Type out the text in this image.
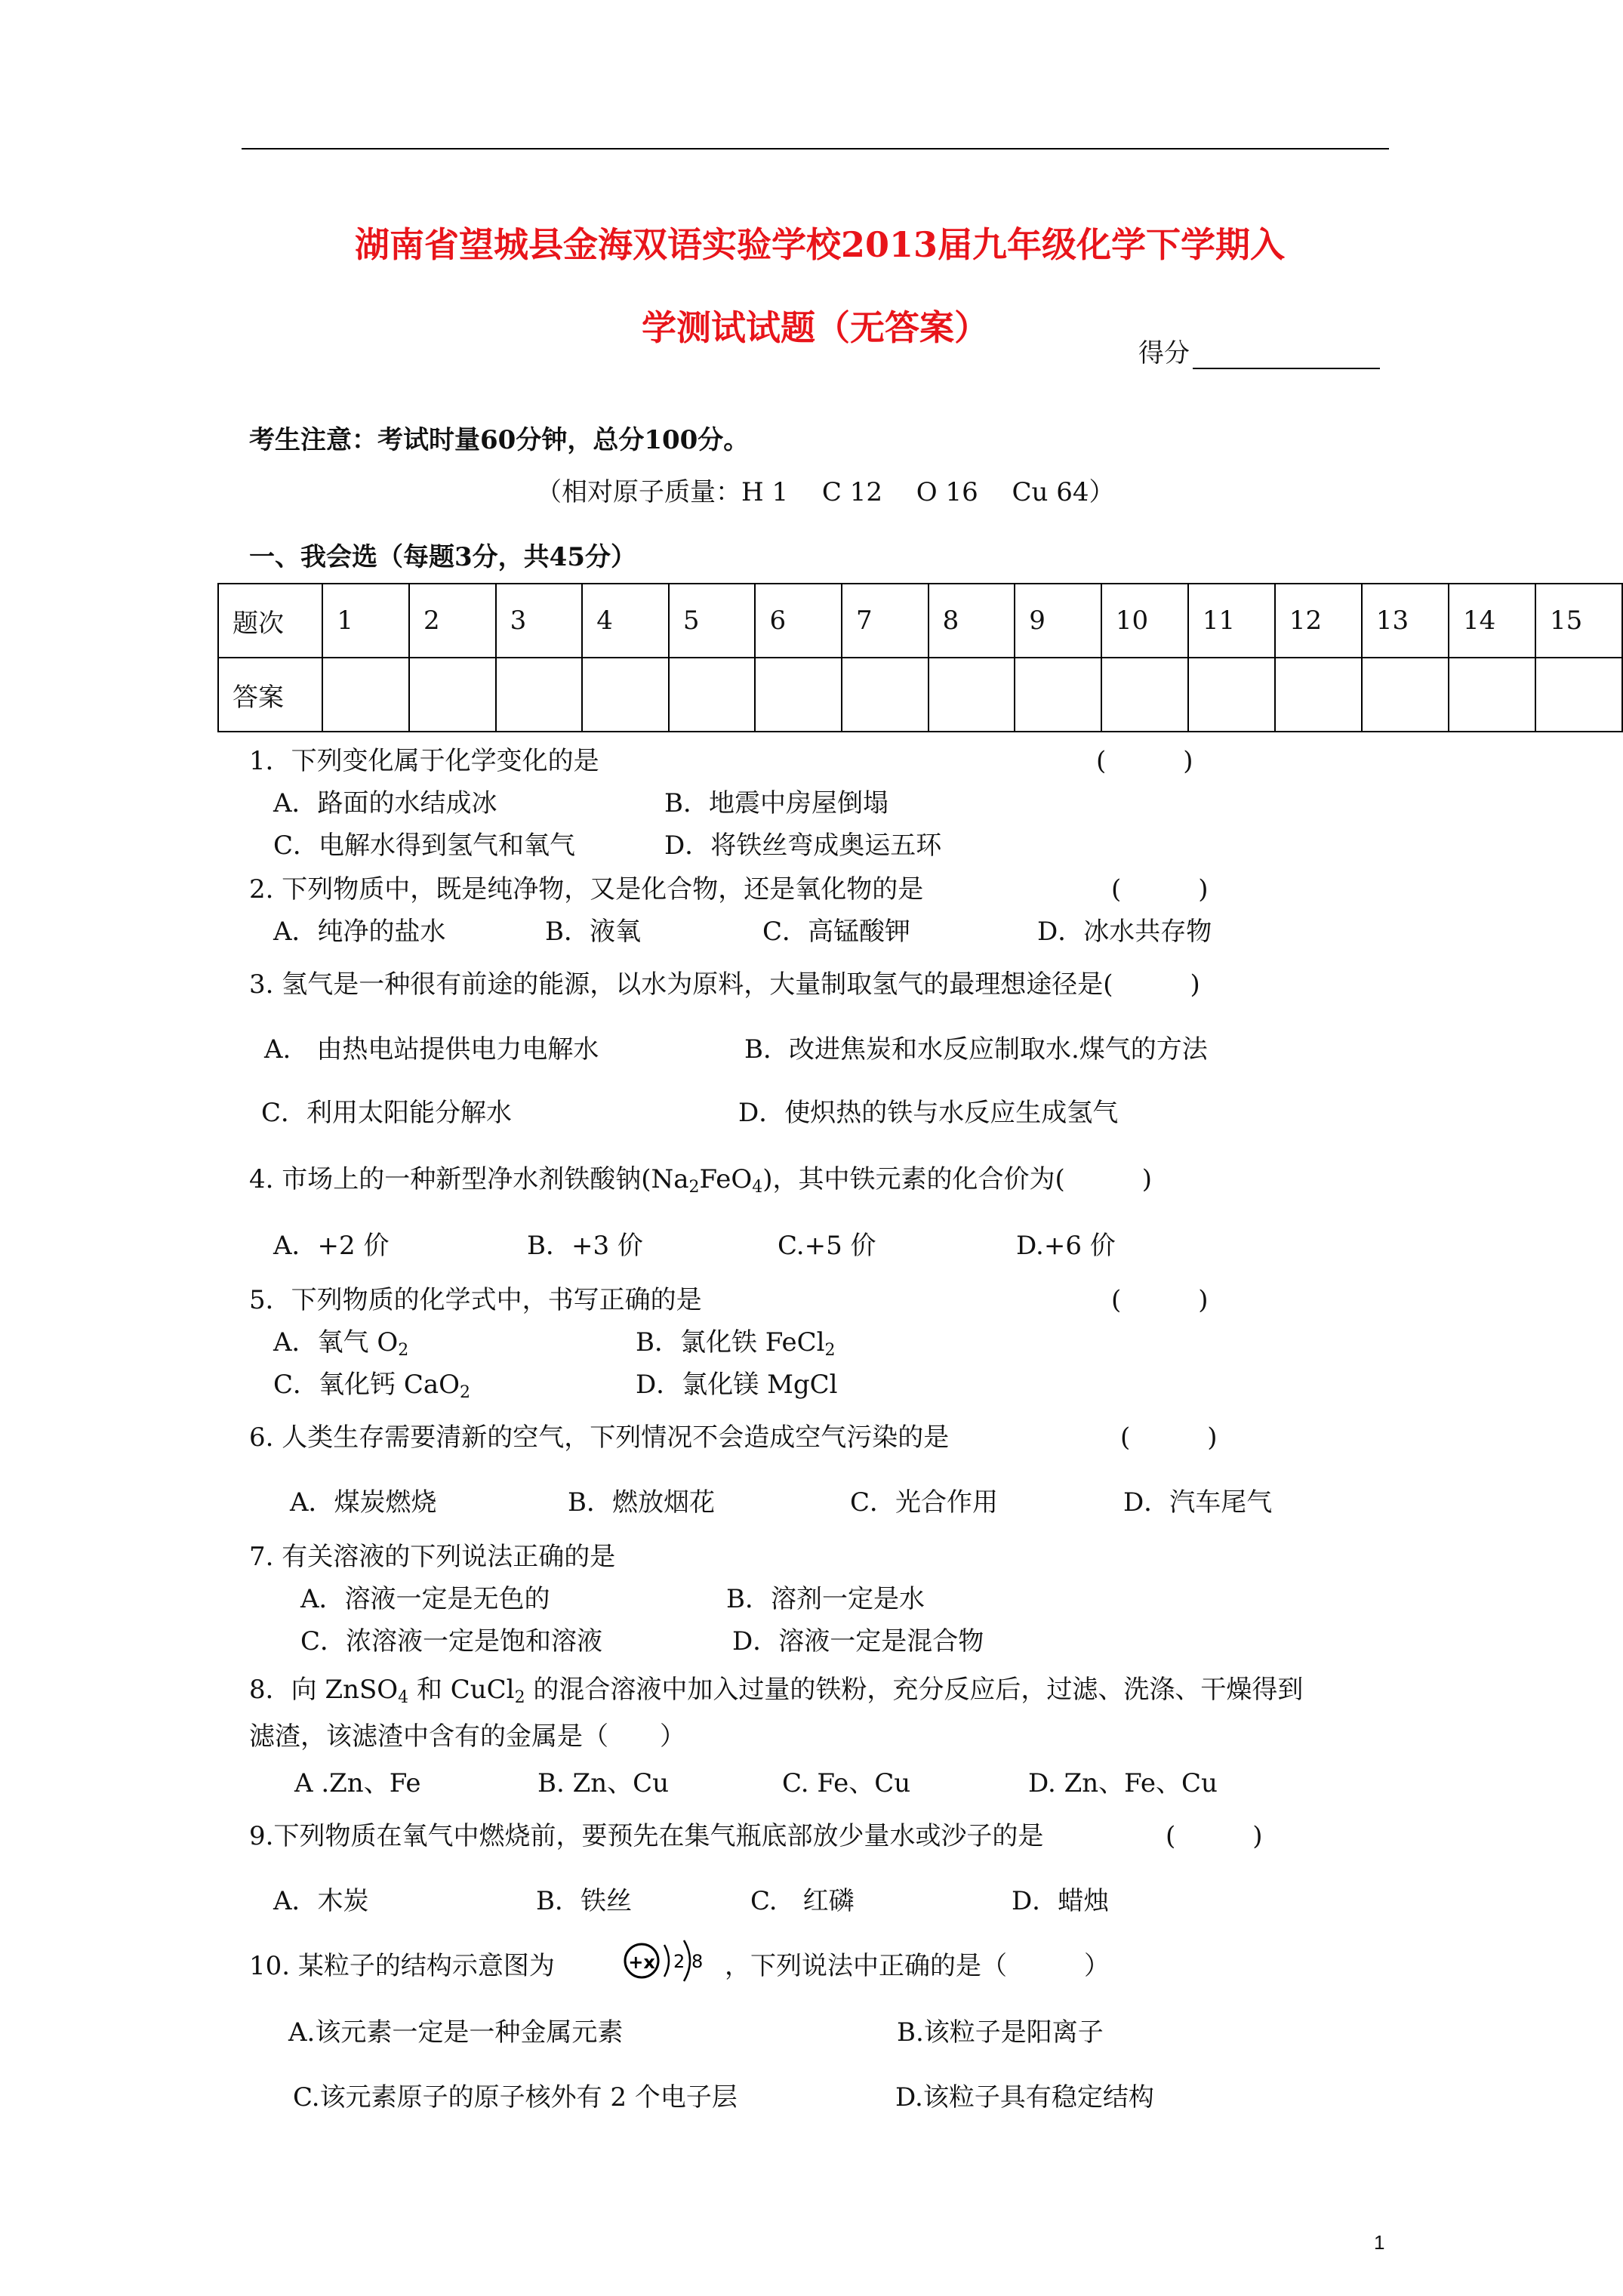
湖南省望城县金海双语实验学校2013届九年级化学下学期入
学测试试题（无答案）
得分
考生注意：考试时量60分钟，总分100分。
（相对原子质量：H 1　 C 12　 O 16　 Cu 64）
一、我会选（每题3分，共45分）
题次	1	2	3	4	5	6	7	8	9	10	11	12	13	14	15
答案															
1．下列变化属于化学变化的是	(　　　)
A．路面的水结成冰	B．地震中房屋倒塌
C．电解水得到氢气和氧气	D．将铁丝弯成奥运五环
2. 下列物质中，既是纯净物，又是化合物，还是氧化物的是	(　　　)
A．纯净的盐水	B．液氧	C．高锰酸钾	D．冰水共存物
3. 氢气是一种很有前途的能源，以水为原料，大量制取氢气的最理想途径是(　　　)
A.　由热电站提供电力电解水	B．改进焦炭和水反应制取水.煤气的方法
C．利用太阳能分解水	D．使炽热的铁与水反应生成氢气
4. 市场上的一种新型净水剂铁酸钠$(Na_2FeO_4)$，其中铁元素的化合价为(　　　)
A．+2 价	B．+3 价	C.+5 价	D.+6 价
5．下列物质的化学式中，书写正确的是	(　　　)
A．氧气 $O_2$	B．氯化铁 FeCl$_2$
C．氧化钙 CaO$_2$	D．氯化镁 MgCl
6. 人类生存需要清新的空气，下列情况不会造成空气污染的是	(　　　)
A．煤炭燃烧	B．燃放烟花	C．光合作用	D．汽车尾气
7. 有关溶液的下列说法正确的是
A．溶液一定是无色的	B．溶剂一定是水
C．浓溶液一定是饱和溶液	D．溶液一定是混合物
8．向 ZnSO$_4$ 和 CuCl$_2$ 的混合溶液中加入过量的铁粉，充分反应后，过滤、洗涤、干燥得到
滤渣，该滤渣中含有的金属是（　　）
A .Zn、Fe	B. Zn、Cu	C. Fe、Cu	D. Zn、Fe、Cu
9.下列物质在氧气中燃烧前，要预先在集气瓶底部放少量水或沙子的是	(　　　)
A．木炭	B．铁丝	C.　红磷	D．蜡烛
10. 某粒子的结构示意图为	+x 2 8 ，下列说法中正确的是（　　　）
A.该元素一定是一种金属元素	B.该粒子是阳离子
C.该元素原子的原子核外有 2 个电子层	D.该粒子具有稳定结构
1
